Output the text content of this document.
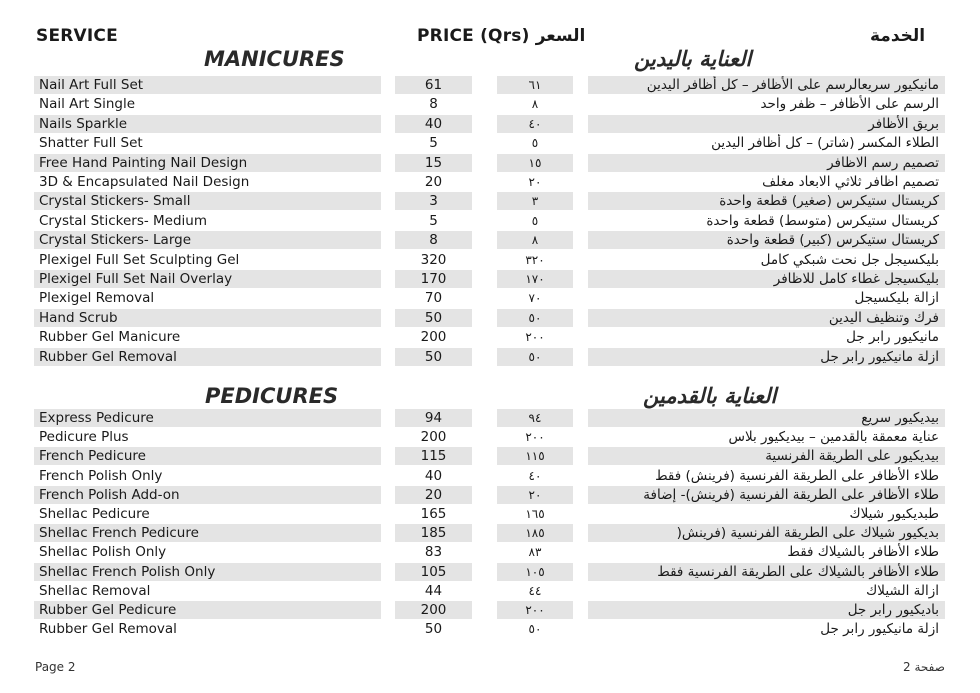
SERVICE	PRICE (Qrs) السعر	الخدمة
MANICURES	العناية باليدين
Nail Art Full Set	61	٦١	مانيكيور سريعالرسم على الأظافر – كل أظافر اليدين
Nail Art Single	8	٨	الرسم على الأظافر – ظفر واحد
Nails Sparkle	40	٤٠	بريق الأظافر
Shatter Full Set	5	٥	الطلاء المكسر (شاتر) – كل أظافر اليدين
Free Hand Painting Nail Design	15	١٥	تصميم رسم الاظافر
3D & Encapsulated Nail Design	20	٢٠	تصميم اظافر ثلاثي الابعاد مغلف
Crystal Stickers- Small	3	٣	كريستال ستيكرس (صغير) قطعة واحدة
Crystal Stickers- Medium	5	٥	كريستال ستيكرس (متوسط) قطعة واحدة
Crystal Stickers- Large	8	٨	كريستال ستيكرس (كبير) قطعة واحدة
Plexigel Full Set Sculpting Gel	320	٣٢٠	بليكسيجل جل نحت شبكي كامل
Plexigel Full Set Nail Overlay	170	١٧٠	بليكسيجل غطاء كامل للاظافر
Plexigel Removal	70	٧٠	ازالة بليكسيجل
Hand Scrub	50	٥٠	فرك وتنظيف اليدين
Rubber Gel Manicure	200	٢٠٠	مانيكيور رابر جل
Rubber Gel Removal	50	٥٠	ازلة مانيكيور رابر جل
PEDICURES	العناية بالقدمين
Express Pedicure	94	٩٤	بيديكيور سريع
Pedicure Plus	200	٢٠٠	عناية معمقة بالقدمين – بيديكيور بلاس
French Pedicure	115	١١٥	بيديكيور على الطريقة الفرنسية
French Polish Only	40	٤٠	طلاء الأظافر على الطريقة الفرنسية (فرينش) فقط
French Polish Add-on	20	٢٠	طلاء الأظافر على الطريقة الفرنسية (فرينش)- إضافة
Shellac Pedicure	165	١٦٥	طبديكيور شيلاك
Shellac French Pedicure	185	١٨٥	بديكيور شيلاك على الطريقة الفرنسية (فرينش(
Shellac Polish Only	83	٨٣	طلاء الأظافر بالشيلاك فقط
Shellac French Polish Only	105	١٠٥	طلاء الأظافر بالشيلاك على الطريقة الفرنسية فقط
Shellac Removal	44	٤٤	ازالة الشيلاك
Rubber Gel Pedicure	200	٢٠٠	باديكيور رابر جل
Rubber Gel Removal	50	٥٠	ازلة مانيكيور رابر جل
Page 2	صفحة 2
